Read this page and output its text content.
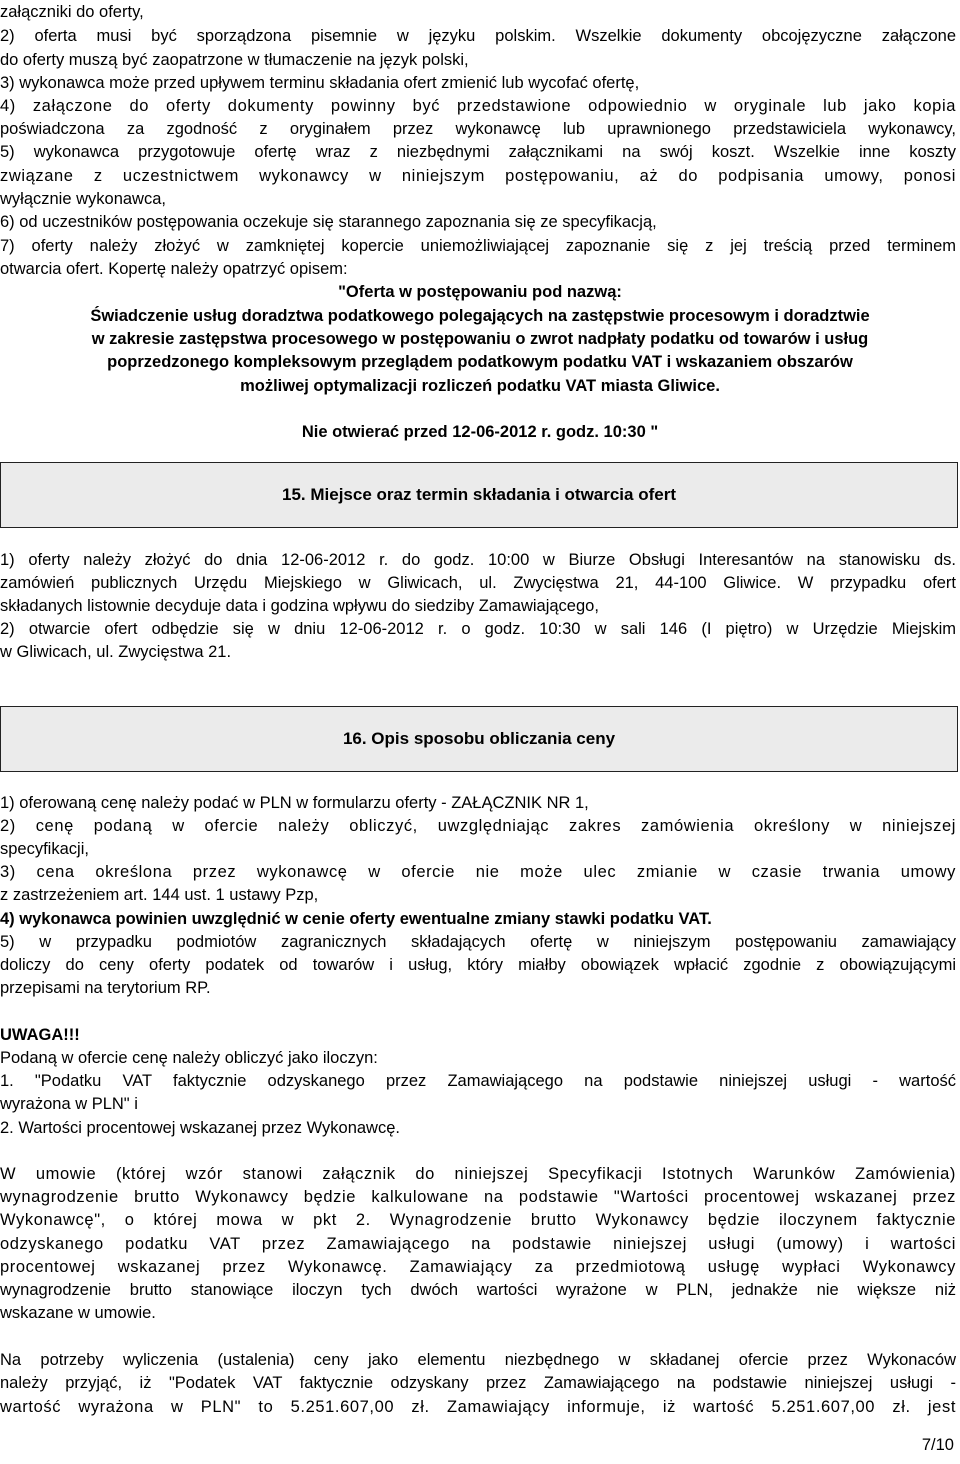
załączniki do oferty,
2) oferta musi być sporządzona pisemnie w języku polskim. Wszelkie dokumenty obcojęzyczne załączone
do oferty muszą być zaopatrzone w tłumaczenie na język polski,
3) wykonawca może przed upływem terminu składania ofert zmienić lub wycofać ofertę,
4) załączone do oferty dokumenty powinny być przedstawione odpowiednio w oryginale lub jako kopia
poświadczona za zgodność z oryginałem przez wykonawcę lub uprawnionego przedstawiciela wykonawcy,
5) wykonawca przygotowuje ofertę wraz z niezbędnymi załącznikami na swój koszt. Wszelkie inne koszty
związane z uczestnictwem wykonawcy w niniejszym postępowaniu, aż do podpisania umowy, ponosi
wyłącznie wykonawca,
6) od uczestników postępowania oczekuje się starannego zapoznania się ze specyfikacją,
7) oferty należy złożyć w zamkniętej kopercie uniemożliwiającej zapoznanie się z jej treścią przed terminem
otwarcia ofert. Kopertę należy opatrzyć opisem:
"Oferta w postępowaniu pod nazwą:
Świadczenie usług doradztwa podatkowego polegających na zastępstwie procesowym i doradztwie
w zakresie zastępstwa procesowego w postępowaniu o zwrot nadpłaty podatku od towarów i usług
poprzedzonego kompleksowym przeglądem podatkowym podatku VAT i wskazaniem obszarów
możliwej optymalizacji rozliczeń podatku VAT miasta Gliwice.
Nie otwierać przed 12-06-2012 r. godz. 10:30 "
15. Miejsce oraz termin składania i otwarcia ofert
1) oferty należy złożyć do dnia 12-06-2012 r. do godz. 10:00 w Biurze Obsługi Interesantów na stanowisku ds.
zamówień publicznych Urzędu Miejskiego w Gliwicach, ul. Zwycięstwa 21, 44-100 Gliwice. W przypadku ofert
składanych listownie decyduje data i godzina wpływu do siedziby Zamawiającego,
2) otwarcie ofert odbędzie się w dniu 12-06-2012 r. o godz. 10:30 w sali 146 (I piętro) w Urzędzie Miejskim
w Gliwicach, ul. Zwycięstwa 21.
16. Opis sposobu obliczania ceny
1) oferowaną cenę należy podać w PLN w formularzu oferty - ZAŁĄCZNIK NR 1,
2) cenę podaną w ofercie należy obliczyć, uwzględniając zakres zamówienia określony w niniejszej
specyfikacji,
3) cena określona przez wykonawcę w ofercie nie może ulec zmianie w czasie trwania umowy
z zastrzeżeniem art. 144 ust. 1 ustawy Pzp,
4) wykonawca powinien uwzględnić w cenie oferty ewentualne zmiany stawki podatku VAT.
5) w przypadku podmiotów zagranicznych składających ofertę w niniejszym postępowaniu zamawiający
doliczy do ceny oferty podatek od towarów i usług, który miałby obowiązek wpłacić zgodnie z obowiązującymi
przepisami na terytorium RP.
UWAGA!!!
Podaną w ofercie cenę należy obliczyć jako iloczyn:
1. "Podatku VAT faktycznie odzyskanego przez Zamawiającego na podstawie niniejszej usługi - wartość
wyrażona w PLN" i
2. Wartości procentowej wskazanej przez Wykonawcę.
W umowie (której wzór stanowi załącznik do niniejszej Specyfikacji Istotnych Warunków Zamówienia)
wynagrodzenie brutto Wykonawcy będzie kalkulowane na podstawie "Wartości procentowej wskazanej przez
Wykonawcę", o której mowa w pkt 2. Wynagrodzenie brutto Wykonawcy będzie iloczynem faktycznie
odzyskanego podatku VAT przez Zamawiającego na podstawie niniejszej usługi (umowy) i wartości
procentowej wskazanej przez Wykonawcę. Zamawiający za przedmiotową usługę wypłaci Wykonawcy
wynagrodzenie brutto stanowiące iloczyn tych dwóch wartości wyrażone w PLN, jednakże nie większe niż
wskazane w umowie.
Na potrzeby wyliczenia (ustalenia) ceny jako elementu niezbędnego w składanej ofercie przez Wykonaców
należy przyjąć, iż "Podatek VAT faktycznie odzyskany przez Zamawiającego na podstawie niniejszej usługi -
wartość wyrażona w PLN" to 5.251.607,00 zł. Zamawiający informuje, iż wartość 5.251.607,00 zł. jest
7/10
